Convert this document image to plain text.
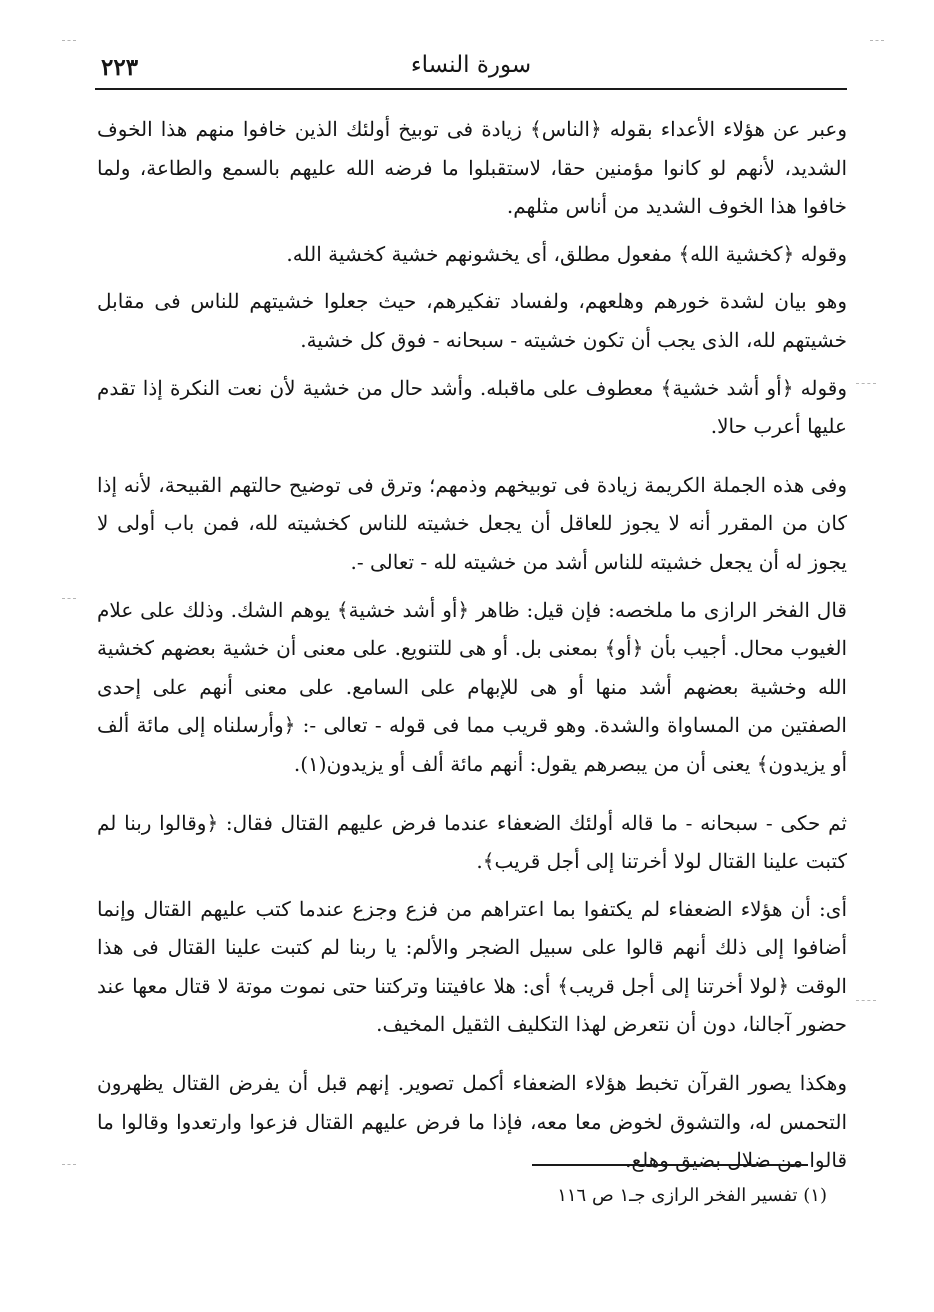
٢٢٣	سورة النساء

وعبر عن هؤلاء الأعداء بقوله ﴿الناس﴾ زيادة فى توبيخ أولئك الذين خافوا منهم هذا الخوف الشديد، لأنهم لو كانوا مؤمنين حقا، لاستقبلوا ما فرضه الله عليهم بالسمع والطاعة، ولما خافوا هذا الخوف الشديد من أناس مثلهم.

وقوله ﴿كخشية الله﴾ مفعول مطلق، أى يخشونهم خشية كخشية الله.

وهو بيان لشدة خورهم وهلعهم، ولفساد تفكيرهم، حيث جعلوا خشيتهم للناس فى مقابل خشيتهم لله، الذى يجب أن تكون خشيته - سبحانه - فوق كل خشية.

وقوله ﴿أو أشد خشية﴾ معطوف على ماقبله. وأشد حال من خشية لأن نعت النكرة إذا تقدم عليها أعرب حالا.

وفى هذه الجملة الكريمة زيادة فى توبيخهم وذمهم؛ وترق فى توضيح حالتهم القبيحة، لأنه إذا كان من المقرر أنه لا يجوز للعاقل أن يجعل خشيته للناس كخشيته لله، فمن باب أولى لا يجوز له أن يجعل خشيته للناس أشد من خشيته لله - تعالى -.

قال الفخر الرازى ما ملخصه: فإن قيل: ظاهر ﴿أو أشد خشية﴾ يوهم الشك. وذلك على علام الغيوب محال. أجيب بأن ﴿أو﴾ بمعنى بل. أو هى للتنويع. على معنى أن خشية بعضهم كخشية الله وخشية بعضهم أشد منها أو هى للإبهام على السامع. على معنى أنهم على إحدى الصفتين من المساواة والشدة. وهو قريب مما فى قوله - تعالى -: ﴿وأرسلناه إلى مائة ألف أو يزيدون﴾ يعنى أن من يبصرهم يقول: أنهم مائة ألف أو يزيدون(١).

ثم حكى - سبحانه - ما قاله أولئك الضعفاء عندما فرض عليهم القتال فقال: ﴿وقالوا ربنا لم كتبت علينا القتال لولا أخرتنا إلى أجل قريب﴾.

أى: أن هؤلاء الضعفاء لم يكتفوا بما اعتراهم من فزع وجزع عندما كتب عليهم القتال وإنما أضافوا إلى ذلك أنهم قالوا على سبيل الضجر والألم: يا ربنا لم كتبت علينا القتال فى هذا الوقت ﴿لولا أخرتنا إلى أجل قريب﴾ أى: هلا عافيتنا وتركتنا حتى نموت موتة لا قتال معها عند حضور آجالنا، دون أن نتعرض لهذا التكليف الثقيل المخيف.

وهكذا يصور القرآن تخبط هؤلاء الضعفاء أكمل تصوير. إنهم قبل أن يفرض القتال يظهرون التحمس له، والتشوق لخوض معا معه، فإذا ما فرض عليهم القتال فزعوا وارتعدوا وقالوا ما قالوا من ضلال بضيق وهلع.

(١) تفسير الفخر الرازى جـ١ ص ١١٦
